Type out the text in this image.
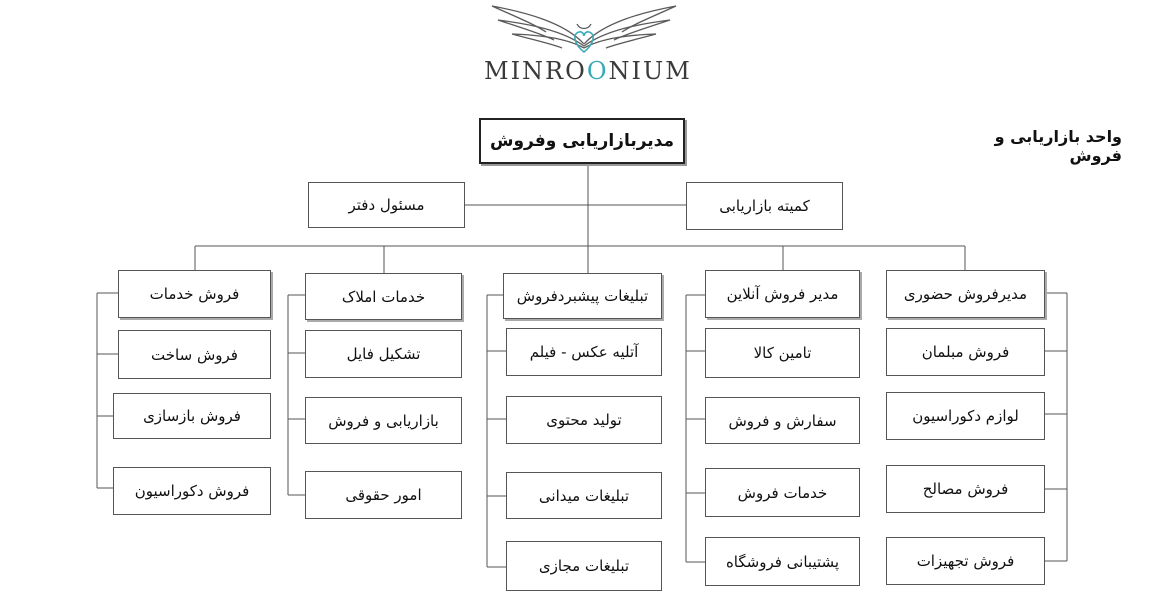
MINROONIUM
واحد بازاریابی و فروش
مدیربازاریابی وفروش
مسئول دفتر	کمیته بازاریابی
فروش خدمات
فروش ساخت
فروش بازسازی
فروش دکوراسیون
خدمات املاک
تشکیل فایل
بازاریابی و فروش
امور حقوقی
تبلیغات پیشبردفروش
آتلیه عکس - فیلم
تولید محتوی
تبلیغات میدانی
تبلیغات مجازی
مدیر فروش آنلاین
تامین کالا
سفارش و فروش
خدمات فروش
پشتیبانی فروشگاه
مدیرفروش حضوری
فروش مبلمان
لوازم دکوراسیون
فروش مصالح
فروش تجهیزات
